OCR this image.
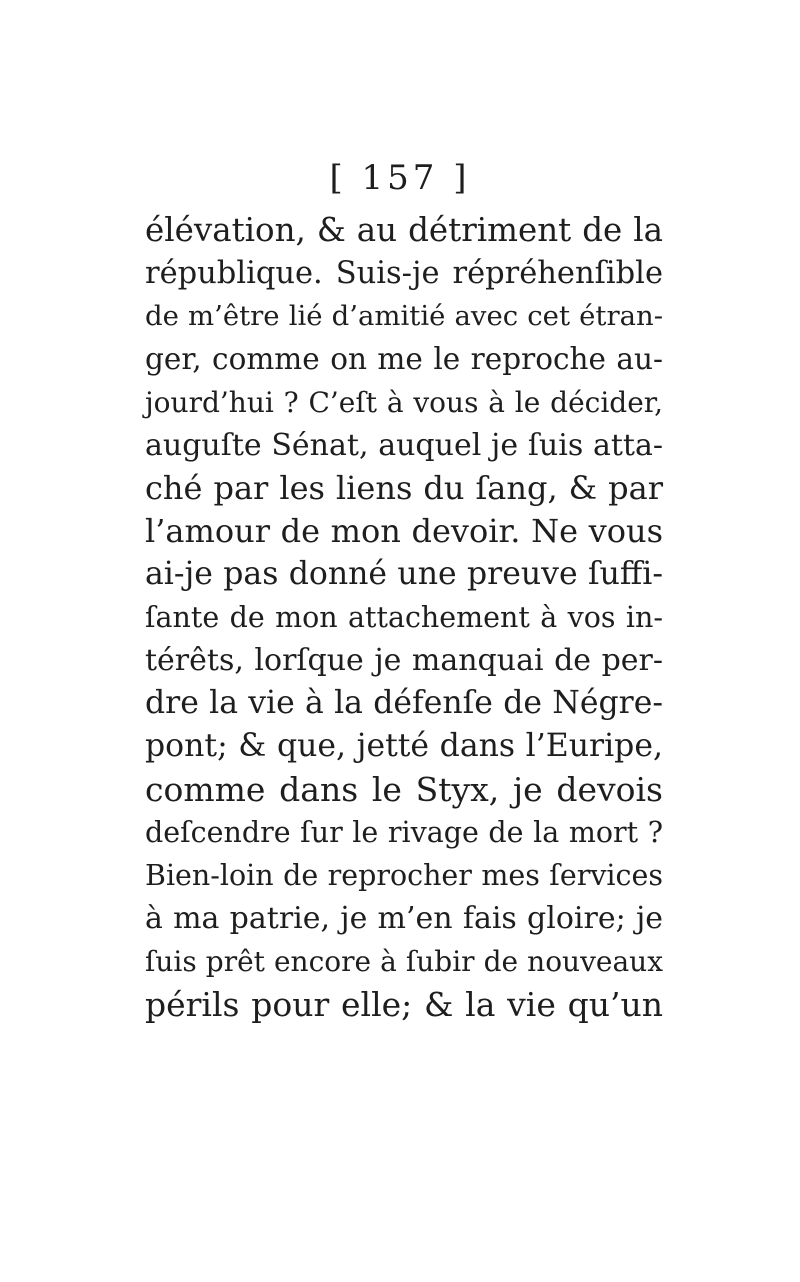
[ 157 ]
élévation, & au détriment de la
république. Suis-je répréhenſible
de m’être lié d’amitié avec cet étran-
ger, comme on me le reproche au-
jourd’hui ? C’eſt à vous à le décider,
auguſte Sénat, auquel je ſuis atta-
ché par les liens du ſang, & par
l’amour de mon devoir. Ne vous
ai-je pas donné une preuve ſuffi-
ſante de mon attachement à vos in-
térêts, lorſque je manquai de per-
dre la vie à la défenſe de Négre-
pont; & que, jetté dans l’Euripe,
comme dans le Styx, je devois
deſcendre ſur le rivage de la mort ?
Bien-loin de reprocher mes ſervices
à ma patrie, je m’en fais gloire; je
ſuis prêt encore à ſubir de nouveaux
périls pour elle; & la vie qu’un
